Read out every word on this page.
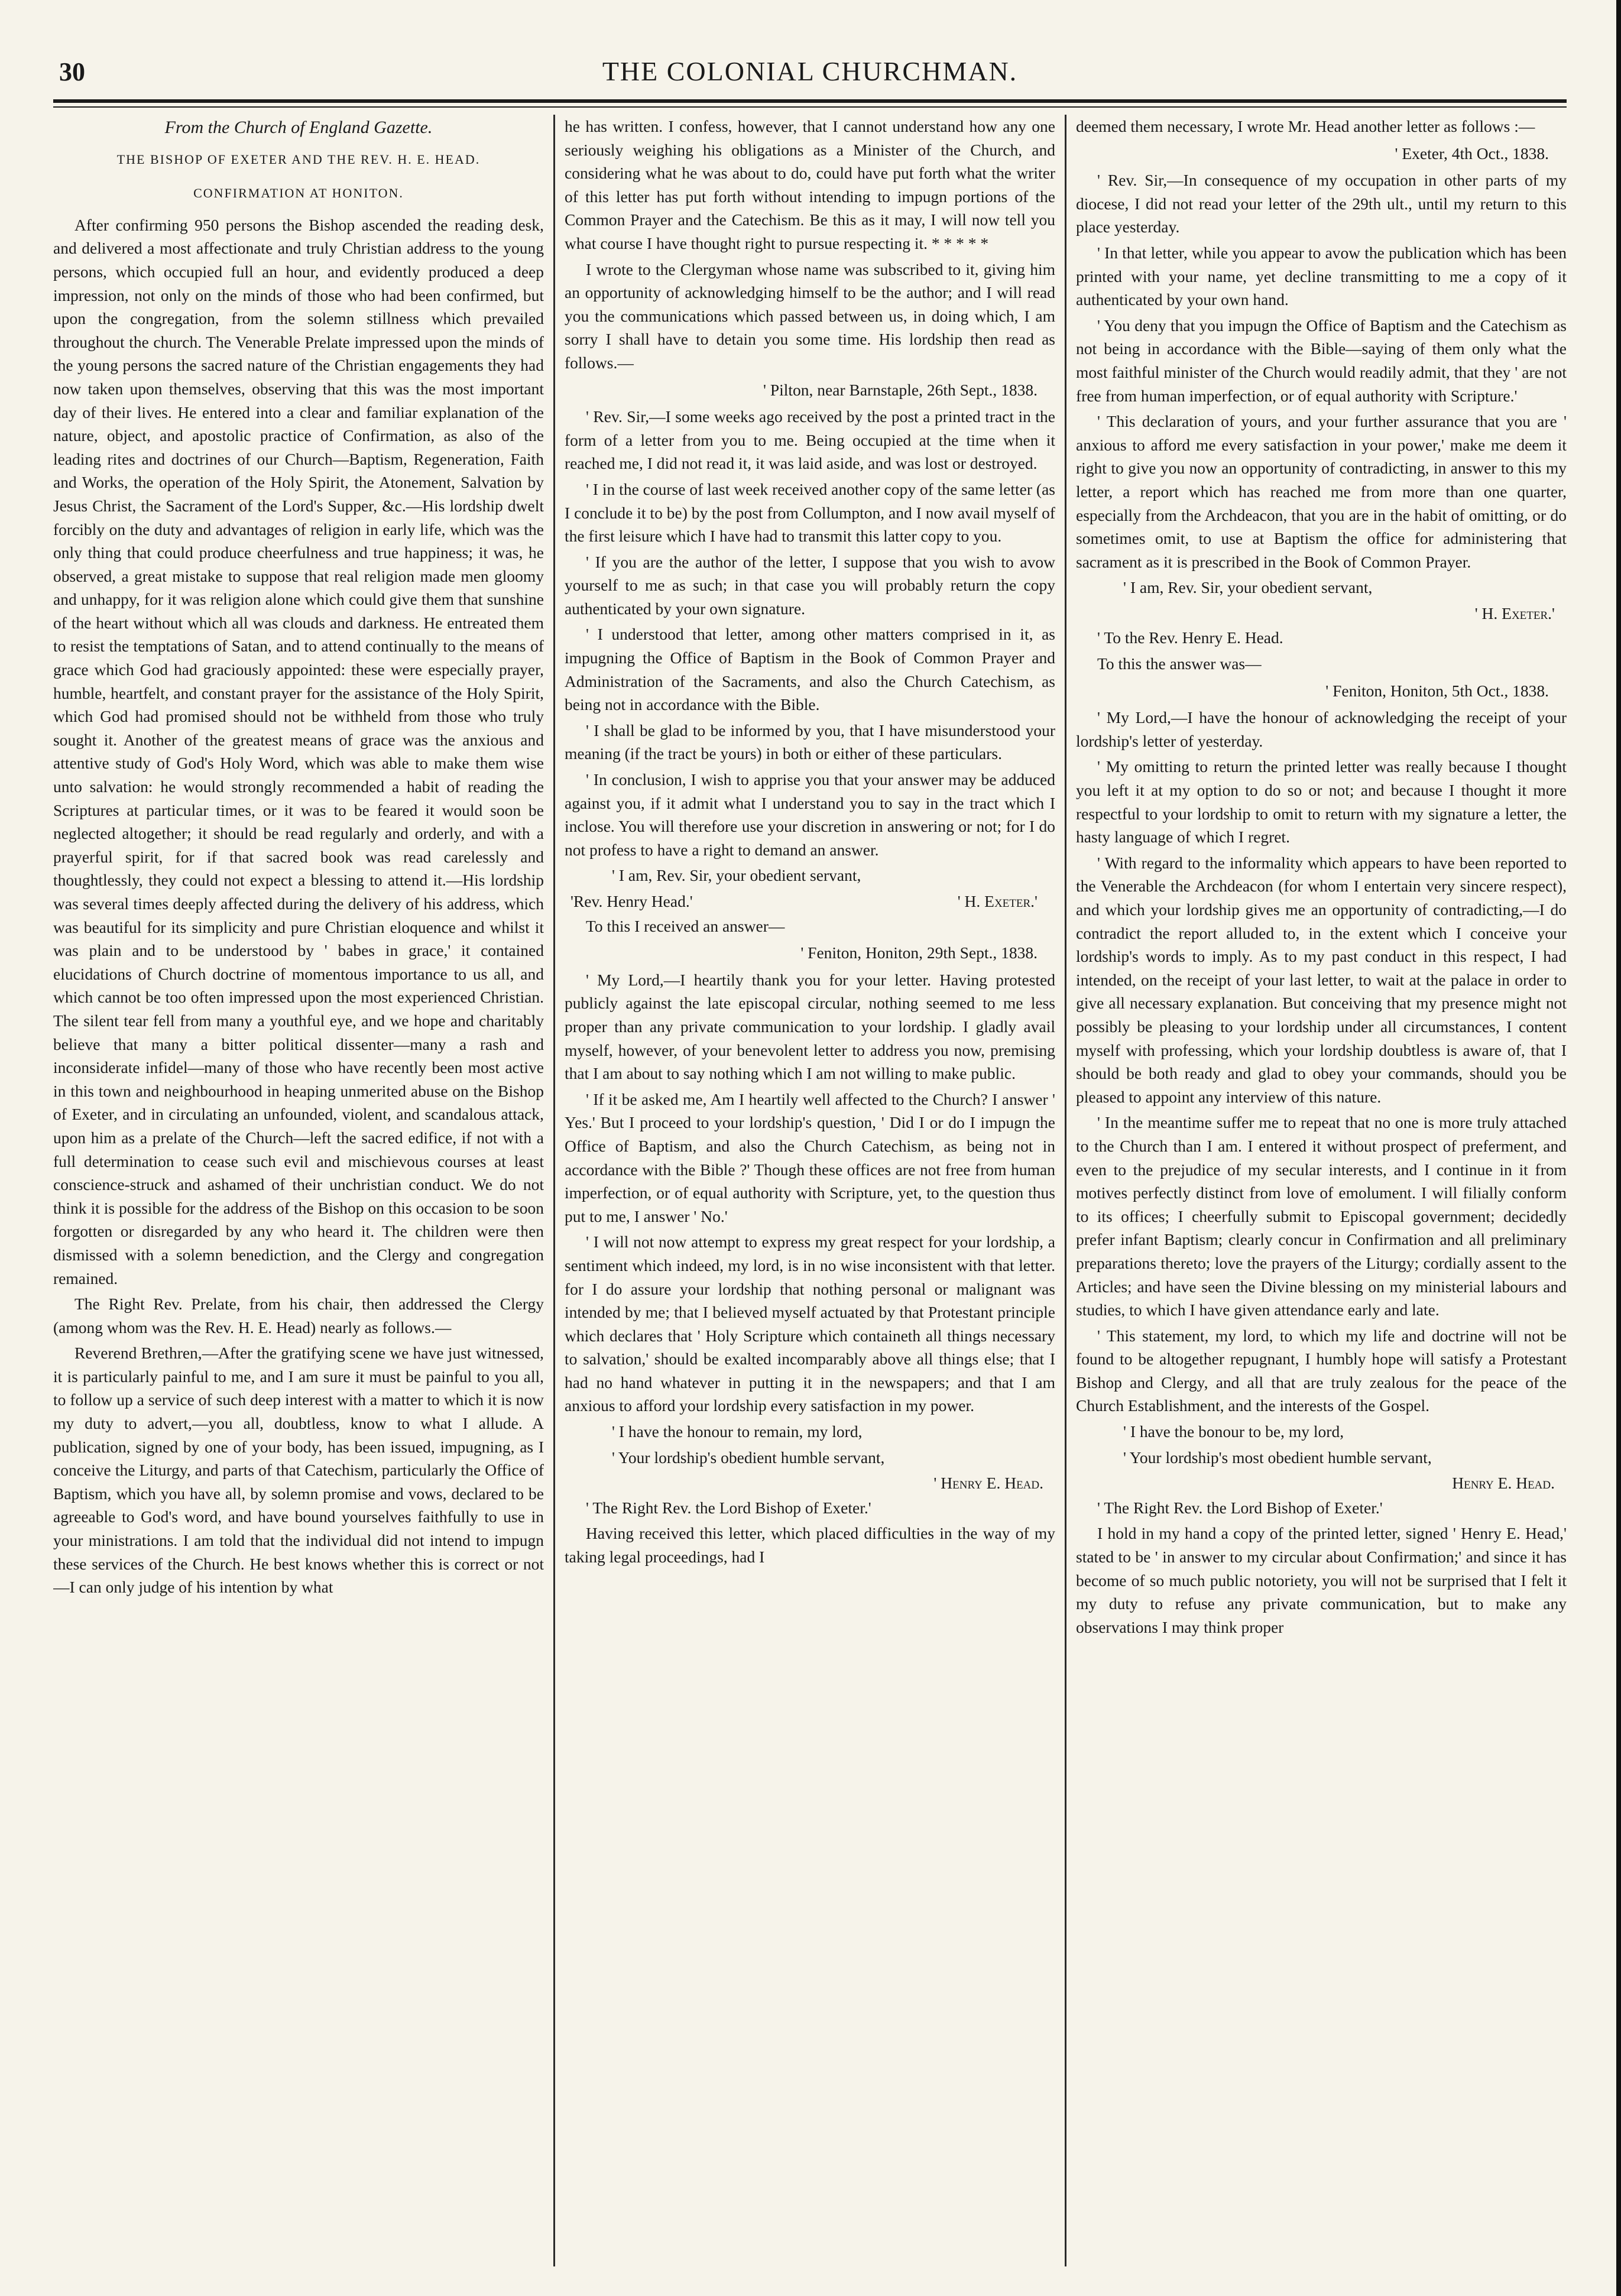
30	THE COLONIAL CHURCHMAN.
From the Church of England Gazette.
THE BISHOP OF EXETER AND THE REV. H. E. HEAD.
CONFIRMATION AT HONITON.

After confirming 950 persons the Bishop ascended the reading desk, and delivered a most affectionate and truly Christian address to the young persons, which occupied full an hour, and evidently produced a deep impression, not only on the minds of those who had been confirmed, but upon the congregation, from the solemn stillness which prevailed throughout the church. The Venerable Prelate impressed upon the minds of the young persons the sacred nature of the Christian engagements they had now taken upon themselves, observing that this was the most important day of their lives. He entered into a clear and familiar explanation of the nature, object, and apostolic practice of Confirmation, as also of the leading rites and doctrines of our Church—Baptism, Regeneration, Faith and Works, the operation of the Holy Spirit, the Atonement, Salvation by Jesus Christ, the Sacrament of the Lord's Supper, &c.—His lordship dwelt forcibly on the duty and advantages of religion in early life, which was the only thing that could produce cheerfulness and true happiness; it was, he observed, a great mistake to suppose that real religion made men gloomy and unhappy, for it was religion alone which could give them that sunshine of the heart without which all was clouds and darkness. He entreated them to resist the temptations of Satan, and to attend continually to the means of grace which God had graciously appointed: these were especially prayer, humble, heartfelt, and constant prayer for the assistance of the Holy Spirit, which God had promised should not be withheld from those who truly sought it. Another of the greatest means of grace was the anxious and attentive study of God's Holy Word, which was able to make them wise unto salvation: he would strongly recommended a habit of reading the Scriptures at particular times, or it was to be feared it would soon be neglected altogether; it should be read regularly and orderly, and with a prayerful spirit, for if that sacred book was read carelessly and thoughtlessly, they could not expect a blessing to attend it.—His lordship was several times deeply affected during the delivery of his address, which was beautiful for its simplicity and pure Christian eloquence and whilst it was plain and to be understood by ' babes in grace,' it contained elucidations of Church doctrine of momentous importance to us all, and which cannot be too often impressed upon the most experienced Christian. The silent tear fell from many a youthful eye, and we hope and charitably believe that many a bitter political dissenter—many a rash and inconsiderate infidel—many of those who have recently been most active in this town and neighbourhood in heaping unmerited abuse on the Bishop of Exeter, and in circulating an unfounded, violent, and scandalous attack, upon him as a prelate of the Church—left the sacred edifice, if not with a full determination to cease such evil and mischievous courses at least conscience-struck and ashamed of their unchristian conduct. We do not think it is possible for the address of the Bishop on this occasion to be soon forgotten or disregarded by any who heard it. The children were then dismissed with a solemn benediction, and the Clergy and congregation remained.

The Right Rev. Prelate, from his chair, then addressed the Clergy (among whom was the Rev. H. E. Head) nearly as follows.—

Reverend Brethren,—After the gratifying scene we have just witnessed, it is particularly painful to me, and I am sure it must be painful to you all, to follow up a service of such deep interest with a matter to which it is now my duty to advert,—you all, doubtless, know to what I allude. A publication, signed by one of your body, has been issued, impugning, as I conceive the Liturgy, and parts of that Catechism, particularly the Office of Baptism, which you have all, by solemn promise and vows, declared to be agreeable to God's word, and have bound yourselves faithfully to use in your ministrations. I am told that the individual did not intend to impugn these services of the Church. He best knows whether this is correct or not—I can only judge of his intention by what

he has written. I confess, however, that I cannot understand how any one seriously weighing his obligations as a Minister of the Church, and considering what he was about to do, could have put forth what the writer of this letter has put forth without intending to impugn portions of the Common Prayer and the Catechism. Be this as it may, I will now tell you what course I have thought right to pursue respecting it. * * * * *

I wrote to the Clergyman whose name was subscribed to it, giving him an opportunity of acknowledging himself to be the author; and I will read you the communications which passed between us, in doing which, I am sorry I shall have to detain you some time. His lordship then read as follows.—

' Pilton, near Barnstaple, 26th Sept., 1838.

' Rev. Sir,—I some weeks ago received by the post a printed tract in the form of a letter from you to me. Being occupied at the time when it reached me, I did not read it, it was laid aside, and was lost or destroyed.

' I in the course of last week received another copy of the same letter (as I conclude it to be) by the post from Collumpton, and I now avail myself of the first leisure which I have had to transmit this latter copy to you.

' If you are the author of the letter, I suppose that you wish to avow yourself to me as such; in that case you will probably return the copy authenticated by your own signature.

' I understood that letter, among other matters comprised in it, as impugning the Office of Baptism in the Book of Common Prayer and Administration of the Sacraments, and also the Church Catechism, as being not in accordance with the Bible.

' I shall be glad to be informed by you, that I have misunderstood your meaning (if the tract be yours) in both or either of these particulars.

' In conclusion, I wish to apprise you that your answer may be adduced against you, if it admit what I understand you to say in the tract which I inclose. You will therefore use your discretion in answering or not; for I do not profess to have a right to demand an answer.

' I am, Rev. Sir, your obedient servant,

'Rev. Henry Head.'	' H. Exeter.'

To this I received an answer—

' Feniton, Honiton, 29th Sept., 1838.

' My Lord,—I heartily thank you for your letter. Having protested publicly against the late episcopal circular, nothing seemed to me less proper than any private communication to your lordship. I gladly avail myself, however, of your benevolent letter to address you now, premising that I am about to say nothing which I am not willing to make public.

' If it be asked me, Am I heartily well affected to the Church? I answer ' Yes.' But I proceed to your lordship's question, ' Did I or do I impugn the Office of Baptism, and also the Church Catechism, as being not in accordance with the Bible ?' Though these offices are not free from human imperfection, or of equal authority with Scripture, yet, to the question thus put to me, I answer ' No.'

' I will not now attempt to express my great respect for your lordship, a sentiment which indeed, my lord, is in no wise inconsistent with that letter. for I do assure your lordship that nothing personal or malignant was intended by me; that I believed myself actuated by that Protestant principle which declares that ' Holy Scripture which containeth all things necessary to salvation,' should be exalted incomparably above all things else; that I had no hand whatever in putting it in the newspapers; and that I am anxious to afford your lordship every satisfaction in my power.

' I have the honour to remain, my lord,

' Your lordship's obedient humble servant,

' Henry E. Head.

' The Right Rev. the Lord Bishop of Exeter.'

Having received this letter, which placed difficulties in the way of my taking legal proceedings, had I

deemed them necessary, I wrote Mr. Head another letter as follows :—

' Exeter, 4th Oct., 1838.

' Rev. Sir,—In consequence of my occupation in other parts of my diocese, I did not read your letter of the 29th ult., until my return to this place yesterday.

' In that letter, while you appear to avow the publication which has been printed with your name, yet decline transmitting to me a copy of it authenticated by your own hand.

' You deny that you impugn the Office of Baptism and the Catechism as not being in accordance with the Bible—saying of them only what the most faithful minister of the Church would readily admit, that they ' are not free from human imperfection, or of equal authority with Scripture.'

' This declaration of yours, and your further assurance that you are ' anxious to afford me every satisfaction in your power,' make me deem it right to give you now an opportunity of contradicting, in answer to this my letter, a report which has reached me from more than one quarter, especially from the Archdeacon, that you are in the habit of omitting, or do sometimes omit, to use at Baptism the office for administering that sacrament as it is prescribed in the Book of Common Prayer.

' I am, Rev. Sir, your obedient servant,

' H. Exeter.'

' To the Rev. Henry E. Head.

To this the answer was—

' Feniton, Honiton, 5th Oct., 1838.

' My Lord,—I have the honour of acknowledging the receipt of your lordship's letter of yesterday.

' My omitting to return the printed letter was really because I thought you left it at my option to do so or not; and because I thought it more respectful to your lordship to omit to return with my signature a letter, the hasty language of which I regret.

' With regard to the informality which appears to have been reported to the Venerable the Archdeacon (for whom I entertain very sincere respect), and which your lordship gives me an opportunity of contradicting,—I do contradict the report alluded to, in the extent which I conceive your lordship's words to imply. As to my past conduct in this respect, I had intended, on the receipt of your last letter, to wait at the palace in order to give all necessary explanation. But conceiving that my presence might not possibly be pleasing to your lordship under all circumstances, I content myself with professing, which your lordship doubtless is aware of, that I should be both ready and glad to obey your commands, should you be pleased to appoint any interview of this nature.

' In the meantime suffer me to repeat that no one is more truly attached to the Church than I am. I entered it without prospect of preferment, and even to the prejudice of my secular interests, and I continue in it from motives perfectly distinct from love of emolument. I will filially conform to its offices; I cheerfully submit to Episcopal government; decidedly prefer infant Baptism; clearly concur in Confirmation and all preliminary preparations thereto; love the prayers of the Liturgy; cordially assent to the Articles; and have seen the Divine blessing on my ministerial labours and studies, to which I have given attendance early and late.

' This statement, my lord, to which my life and doctrine will not be found to be altogether repugnant, I humbly hope will satisfy a Protestant Bishop and Clergy, and all that are truly zealous for the peace of the Church Establishment, and the interests of the Gospel.

' I have the bonour to be, my lord,

' Your lordship's most obedient humble servant,

Henry E. Head.

' The Right Rev. the Lord Bishop of Exeter.'

I hold in my hand a copy of the printed letter, signed ' Henry E. Head,' stated to be ' in answer to my circular about Confirmation;' and since it has become of so much public notoriety, you will not be surprised that I felt it my duty to refuse any private communication, but to make any observations I may think proper
